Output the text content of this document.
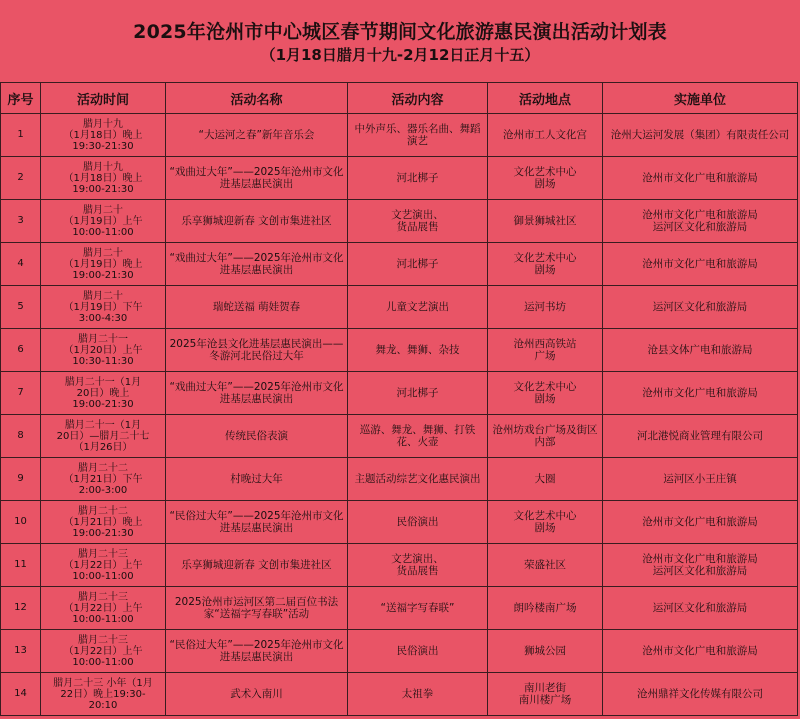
2025年沧州市中心城区春节期间文化旅游惠民演出活动计划表
（1月18日腊月十九-2月12日正月十五）
序号	活动时间	活动名称	活动内容	活动地点	实施单位
1	腊月十九
（1月18日）晚上
19:30-21:30	“大运河之春”新年音乐会	中外声乐、器乐名曲、舞蹈演艺	沧州市工人文化宫	沧州大运河发展（集团）有限责任公司
2	腊月十九
（1月18日）晚上
19:00-21:30	“戏曲过大年”——2025年沧州市文化进基层惠民演出	河北梆子	文化艺术中心
剧场	沧州市文化广电和旅游局
3	腊月二十
（1月19日）上午
10:00-11:00	乐享狮城迎新春 文创市集进社区	文艺演出、
货品展售	御景狮城社区	沧州市文化广电和旅游局
运河区文化和旅游局
4	腊月二十
（1月19日）晚上
19:00-21:30	“戏曲过大年”——2025年沧州市文化进基层惠民演出	河北梆子	文化艺术中心
剧场	沧州市文化广电和旅游局
5	腊月二十
（1月19日）下午
3:00-4:30	瑞蛇送福 萌娃贺春	儿童文艺演出	运河书坊	运河区文化和旅游局
6	腊月二十一
（1月20日）上午
10:30-11:30	2025年沧县文化进基层惠民演出——冬游河北民俗过大年	舞龙、舞狮、杂技	沧州西高铁站
广场	沧县文体广电和旅游局
7	腊月二十一（1月
20日）晚上
19:00-21:30	“戏曲过大年”——2025年沧州市文化进基层惠民演出	河北梆子	文化艺术中心
剧场	沧州市文化广电和旅游局
8	腊月二十一（1月
20日）—腊月二十七
（1月26日）	传统民俗表演	巡游、舞龙、舞狮、打铁花、火壶	沧州坊戏台广场及街区内部	河北港悦商业管理有限公司
9	腊月二十二
（1月21日）下午
2:00-3:00	村晚过大年	主题活动综艺文化惠民演出	大圈	运河区小王庄镇
10	腊月二十二
（1月21日）晚上
19:00-21:30	“民俗过大年”——2025年沧州市文化进基层惠民演出	民俗演出	文化艺术中心
剧场	沧州市文化广电和旅游局
11	腊月二十三
（1月22日）上午
10:00-11:00	乐享狮城迎新春 文创市集进社区	文艺演出、
货品展售	荣盛社区	沧州市文化广电和旅游局
运河区文化和旅游局
12	腊月二十三
（1月22日）上午
10:00-11:00	2025沧州市运河区第二届百位书法家“送福字写春联”活动	“送福字写春联”	朗吟楼南广场	运河区文化和旅游局
13	腊月二十三
（1月22日）上午
10:00-11:00	“民俗过大年”——2025年沧州市文化进基层惠民演出	民俗演出	狮城公园	沧州市文化广电和旅游局
14	腊月二十三 小年（1月
22日）晚上19:30-
20:10	武术入南川	太祖拳	南川老街
南川楼广场	沧州鼎祥文化传媒有限公司
